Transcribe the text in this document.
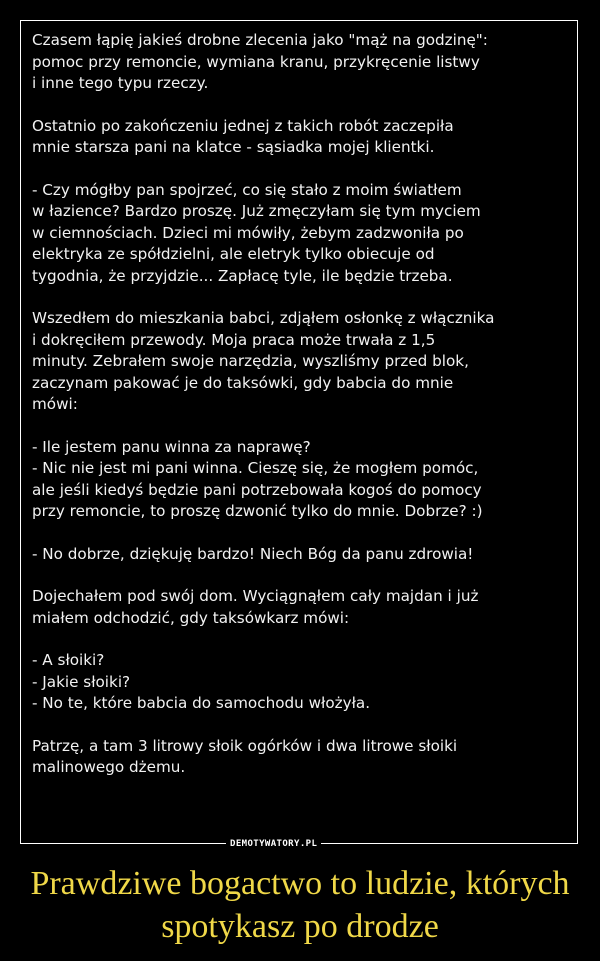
Czasem łąpię jakieś drobne zlecenia jako "mąż na godzinę":
pomoc przy remoncie, wymiana kranu, przykręcenie listwy
i inne tego typu rzeczy.

Ostatnio po zakończeniu jednej z takich robót zaczepiła
mnie starsza pani na klatce - sąsiadka mojej klientki.

- Czy mógłby pan spojrzeć, co się stało z moim światłem
w łazience? Bardzo proszę. Już zmęczyłam się tym myciem
w ciemnościach. Dzieci mi mówiły, żebym zadzwoniła po
elektryka ze spółdzielni, ale eletryk tylko obiecuje od
tygodnia, że przyjdzie... Zapłacę tyle, ile będzie trzeba.

Wszedłem do mieszkania babci, zdjąłem osłonkę z włącznika
i dokręciłem przewody. Moja praca może trwała z 1,5
minuty. Zebrałem swoje narzędzia, wyszliśmy przed blok,
zaczynam pakować je do taksówki, gdy babcia do mnie
mówi:

- Ile jestem panu winna za naprawę?
- Nic nie jest mi pani winna. Cieszę się, że mogłem pomóc,
ale jeśli kiedyś będzie pani potrzebowała kogoś do pomocy
przy remoncie, to proszę dzwonić tylko do mnie. Dobrze? :)

- No dobrze, dziękuję bardzo! Niech Bóg da panu zdrowia!

Dojechałem pod swój dom. Wyciągnąłem cały majdan i już
miałem odchodzić, gdy taksówkarz mówi:

- A słoiki?
- Jakie słoiki?
- No te, które babcia do samochodu włożyła.

Patrzę, a tam 3 litrowy słoik ogórków i dwa litrowe słoiki
malinowego dżemu.

DEMOTYWATORY.PL
Prawdziwe bogactwo to ludzie, których spotykasz po drodze
